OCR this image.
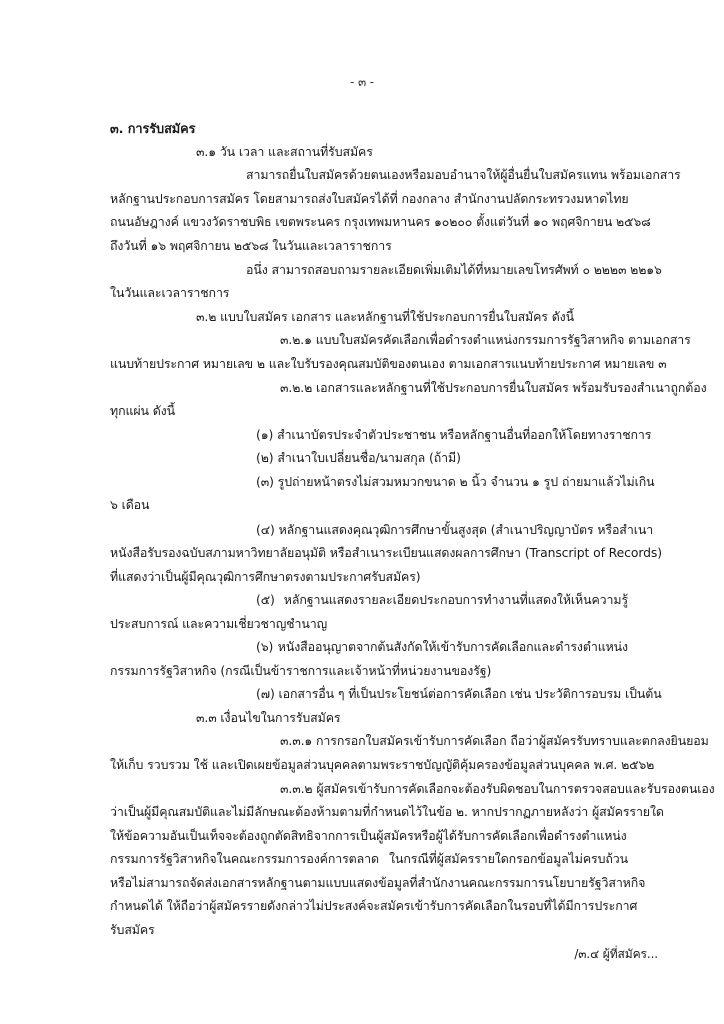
- ๓ -
๓. การรับสมัคร
๓.๑ วัน เวลา และสถานที่รับสมัคร
สามารถยื่นใบสมัครด้วยตนเองหรือมอบอำนาจให้ผู้อื่นยื่นใบสมัครแทน พร้อมเอกสาร
หลักฐานประกอบการสมัคร โดยสามารถส่งใบสมัครได้ที่ กองกลาง สำนักงานปลัดกระทรวงมหาดไทย
ถนนอัษฎางค์ แขวงวัดราชบพิธ เขตพระนคร กรุงเทพมหานคร ๑๐๒๐๐ ตั้งแต่วันที่ ๑๐ พฤศจิกายน ๒๕๖๘
ถึงวันที่ ๑๖ พฤศจิกายน ๒๕๖๘ ในวันและเวลาราชการ
อนึ่ง สามารถสอบถามรายละเอียดเพิ่มเติมได้ที่หมายเลขโทรศัพท์ ๐ ๒๒๒๓ ๒๒๑๖
ในวันและเวลาราชการ
๓.๒ แบบใบสมัคร เอกสาร และหลักฐานที่ใช้ประกอบการยื่นใบสมัคร ดังนี้
๓.๒.๑ แบบใบสมัครคัดเลือกเพื่อดำรงตำแหน่งกรรมการรัฐวิสาหกิจ ตามเอกสาร
แนบท้ายประกาศ หมายเลข ๒ และใบรับรองคุณสมบัติของตนเอง ตามเอกสารแนบท้ายประกาศ หมายเลข ๓
๓.๒.๒ เอกสารและหลักฐานที่ใช้ประกอบการยื่นใบสมัคร พร้อมรับรองสำเนาถูกต้อง
ทุกแผ่น ดังนี้
(๑) สำเนาบัตรประจำตัวประชาชน หรือหลักฐานอื่นที่ออกให้โดยทางราชการ
(๒) สำเนาใบเปลี่ยนชื่อ/นามสกุล (ถ้ามี)
(๓) รูปถ่ายหน้าตรงไม่สวมหมวกขนาด ๒ นิ้ว จำนวน ๑ รูป ถ่ายมาแล้วไม่เกิน
๖ เดือน
(๔) หลักฐานแสดงคุณวุฒิการศึกษาขั้นสูงสุด (สำเนาปริญญาบัตร หรือสำเนา
หนังสือรับรองฉบับสภามหาวิทยาลัยอนุมัติ หรือสำเนาระเบียนแสดงผลการศึกษา (Transcript of Records)
ที่แสดงว่าเป็นผู้มีคุณวุฒิการศึกษาตรงตามประกาศรับสมัคร)
(๕) หลักฐานแสดงรายละเอียดประกอบการทำงานที่แสดงให้เห็นความรู้
ประสบการณ์ และความเชี่ยวชาญชำนาญ
(๖) หนังสืออนุญาตจากต้นสังกัดให้เข้ารับการคัดเลือกและดำรงตำแหน่ง
กรรมการรัฐวิสาหกิจ (กรณีเป็นข้าราชการและเจ้าหน้าที่หน่วยงานของรัฐ)
(๗) เอกสารอื่น ๆ ที่เป็นประโยชน์ต่อการคัดเลือก เช่น ประวัติการอบรม เป็นต้น
๓.๓ เงื่อนไขในการรับสมัคร
๓.๓.๑ การกรอกใบสมัครเข้ารับการคัดเลือก ถือว่าผู้สมัครรับทราบและตกลงยินยอม
ให้เก็บ รวบรวม ใช้ และเปิดเผยข้อมูลส่วนบุคคลตามพระราชบัญญัติคุ้มครองข้อมูลส่วนบุคคล พ.ศ. ๒๕๖๒
๓.๓.๒ ผู้สมัครเข้ารับการคัดเลือกจะต้องรับผิดชอบในการตรวจสอบและรับรองตนเอง
ว่าเป็นผู้มีคุณสมบัติและไม่มีลักษณะต้องห้ามตามที่กำหนดไว้ในข้อ ๒. หากปรากฏภายหลังว่า ผู้สมัครรายใด
ให้ข้อความอันเป็นเท็จจะต้องถูกตัดสิทธิจากการเป็นผู้สมัครหรือผู้ได้รับการคัดเลือกเพื่อดำรงตำแหน่ง
กรรมการรัฐวิสาหกิจในคณะกรรมการองค์การตลาด ในกรณีที่ผู้สมัครรายใดกรอกข้อมูลไม่ครบถ้วน
หรือไม่สามารถจัดส่งเอกสารหลักฐานตามแบบแสดงข้อมูลที่สำนักงานคณะกรรมการนโยบายรัฐวิสาหกิจ
กำหนดได้ ให้ถือว่าผู้สมัครรายดังกล่าวไม่ประสงค์จะสมัครเข้ารับการคัดเลือกในรอบที่ได้มีการประกาศ
รับสมัคร
/๓.๔ ผู้ที่สมัคร...
